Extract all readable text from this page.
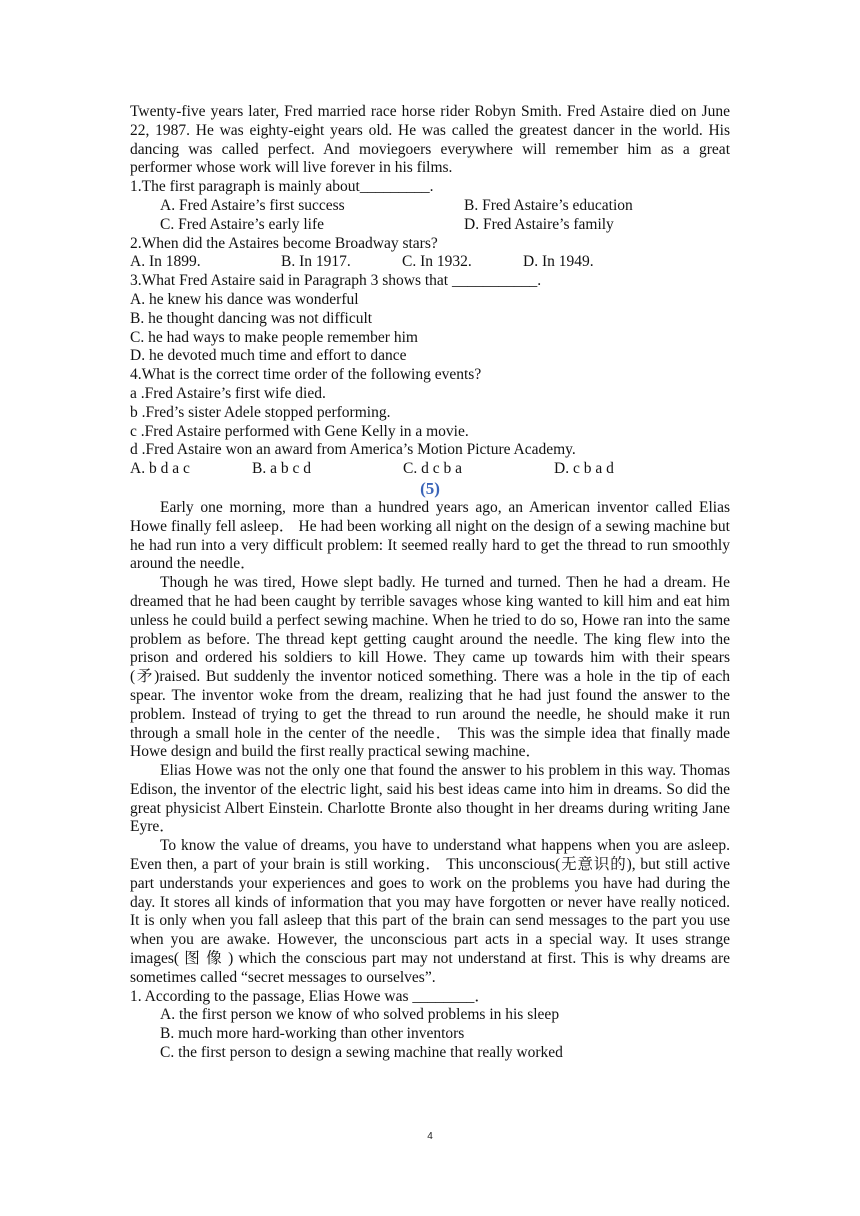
Twenty-five years later, Fred married race horse rider Robyn Smith. Fred Astaire died on June 22, 1987. He was eighty-eight years old. He was called the greatest dancer in the world. His dancing was called perfect. And moviegoers everywhere will remember him as a great performer whose work will live forever in his films.

1.The first paragraph is mainly about_________.

A. Fred Astaire’s first success	B. Fred Astaire’s education
C. Fred Astaire’s early life	D. Fred Astaire’s family

2.When did the Astaires become Broadway stars?

A. In 1899.	B. In 1917.	C. In 1932.	D. In 1949.

3.What Fred Astaire said in Paragraph 3 shows that ___________.

A. he knew his dance was wonderful

B. he thought dancing was not difficult

C. he had ways to make people remember him

D. he devoted much time and effort to dance

4.What is the correct time order of the following events?

a .Fred Astaire’s first wife died.

b .Fred’s sister Adele stopped performing.

c .Fred Astaire performed with Gene Kelly in a movie.

d .Fred Astaire won an award from America’s Motion Picture Academy.

A. b d a c	B. a b c d	C. d c b a	D. c b a d

(5)

Early one morning, more than a hundred years ago, an American inventor called Elias Howe finally fell asleep． He had been working all night on the design of a sewing machine but he had run into a very difficult problem: It seemed really hard to get the thread to run smoothly around the needle．

Though he was tired, Howe slept badly. He turned and turned. Then he had a dream. He dreamed that he had been caught by terrible savages whose king wanted to kill him and eat him unless he could build a perfect sewing machine. When he tried to do so, Howe ran into the same problem as before. The thread kept getting caught around the needle. The king flew into the prison and ordered his soldiers to kill Howe. They came up towards him with their spears (矛)raised. But suddenly the inventor noticed something. There was a hole in the tip of each spear. The inventor woke from the dream, realizing that he had just found the answer to the problem. Instead of trying to get the thread to run around the needle, he should make it run through a small hole in the center of the needle． This was the simple idea that finally made Howe design and build the first really practical sewing machine．

Elias Howe was not the only one that found the answer to his problem in this way. Thomas Edison, the inventor of the electric light, said his best ideas came into him in dreams. So did the great physicist Albert Einstein. Charlotte Bronte also thought in her dreams during writing Jane Eyre．

To know the value of dreams, you have to understand what happens when you are asleep. Even then, a part of your brain is still working． This unconscious(无意识的), but still active part understands your experiences and goes to work on the problems you have had during the day. It stores all kinds of information that you may have forgotten or never have really noticed. It is only when you fall asleep that this part of the brain can send messages to the part you use when you are awake. However, the unconscious part acts in a special way. It uses strange images( 图 像 ) which the conscious part may not understand at first. This is why dreams are sometimes called “secret messages to ourselves”.

1. According to the passage, Elias Howe was ________．

A. the first person we know of who solved problems in his sleep

B. much more hard-working than other inventors

C. the first person to design a sewing machine that really worked

4
